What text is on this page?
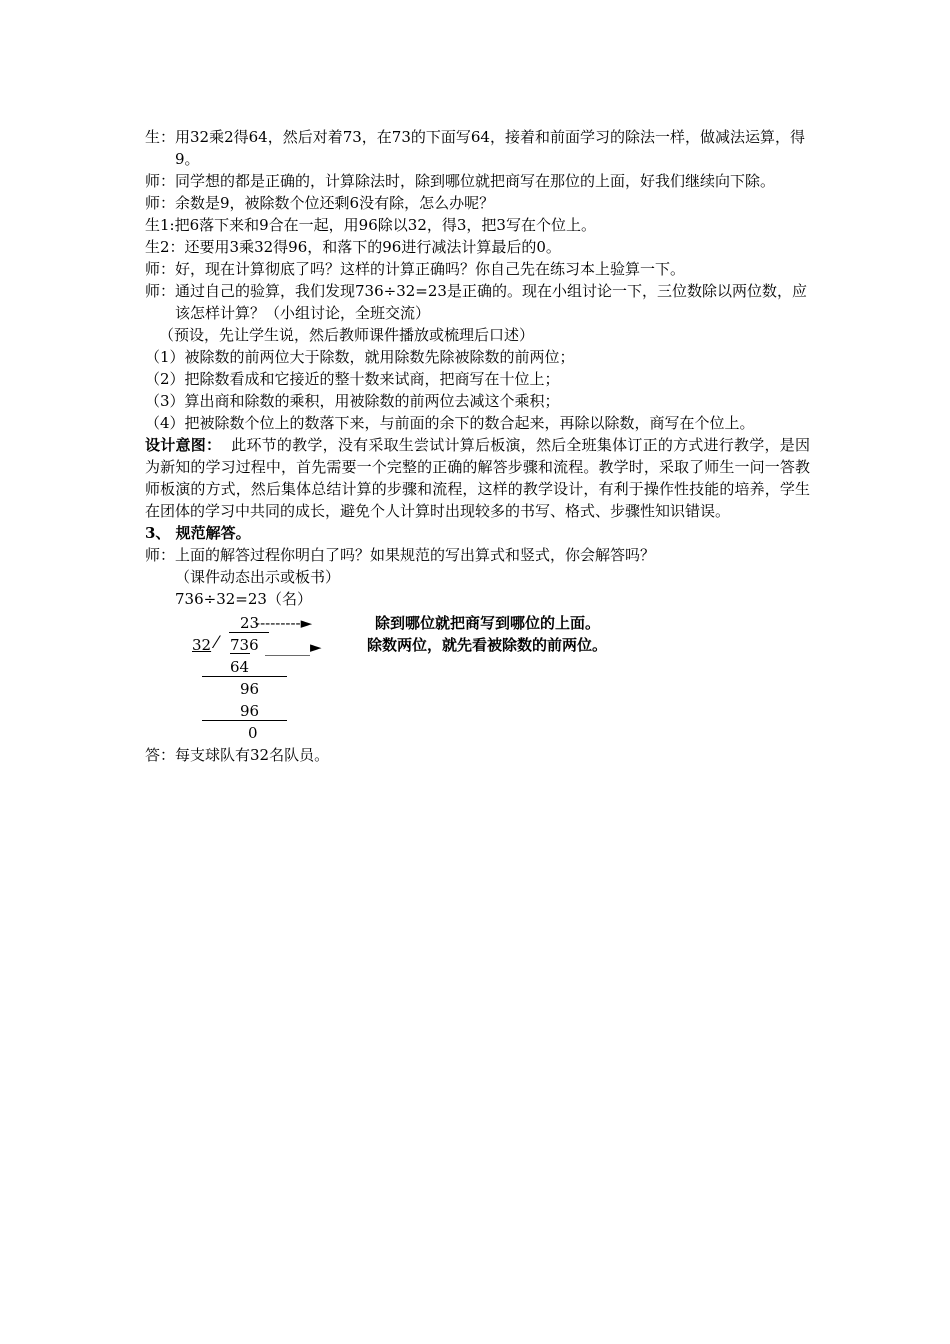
生：用32乘2得64，然后对着73，在73的下面写64，接着和前面学习的除法一样，做减法运算，得9。

师：同学想的都是正确的，计算除法时，除到哪位就把商写在那位的上面，好我们继续向下除。

师：余数是9，被除数个位还剩6没有除，怎么办呢？

生1:把6落下来和9合在一起，用96除以32，得3，把3写在个位上。

生2：还要用3乘32得96，和落下的96进行减法计算最后的0。

师：好，现在计算彻底了吗？这样的计算正确吗？你自己先在练习本上验算一下。

师：通过自己的验算，我们发现736÷32=23是正确的。现在小组讨论一下，三位数除以两位数，应该怎样计算？（小组讨论，全班交流）

（预设，先让学生说，然后教师课件播放或梳理后口述）

（1）被除数的前两位大于除数，就用除数先除被除数的前两位；

（2）把除数看成和它接近的整十数来试商，把商写在十位上；

（3）算出商和除数的乘积，用被除数的前两位去减这个乘积；

（4）把被除数个位上的数落下来，与前面的余下的数合起来，再除以除数，商写在个位上。

设计意图： 此环节的教学，没有采取生尝试计算后板演，然后全班集体订正的方式进行教学，是因为新知的学习过程中，首先需要一个完整的正确的解答步骤和流程。教学时，采取了师生一问一答教师板演的方式，然后集体总结计算的步骤和流程，这样的教学设计，有利于操作性技能的培养，学生在团体的学习中共同的成长，避免个人计算时出现较多的书写、格式、步骤性知识错误。

3、 规范解答。

师：上面的解答过程你明白了吗？如果规范的写出算式和竖式，你会解答吗？

（课件动态出示或板书）

736÷32=23（名）

23
---------►	除到哪位就把商写到哪位的上面。
32 ⁄ 736 ______►	除数两位，就先看被除数的前两位。
64
96
96
0

答：每支球队有32名队员。
